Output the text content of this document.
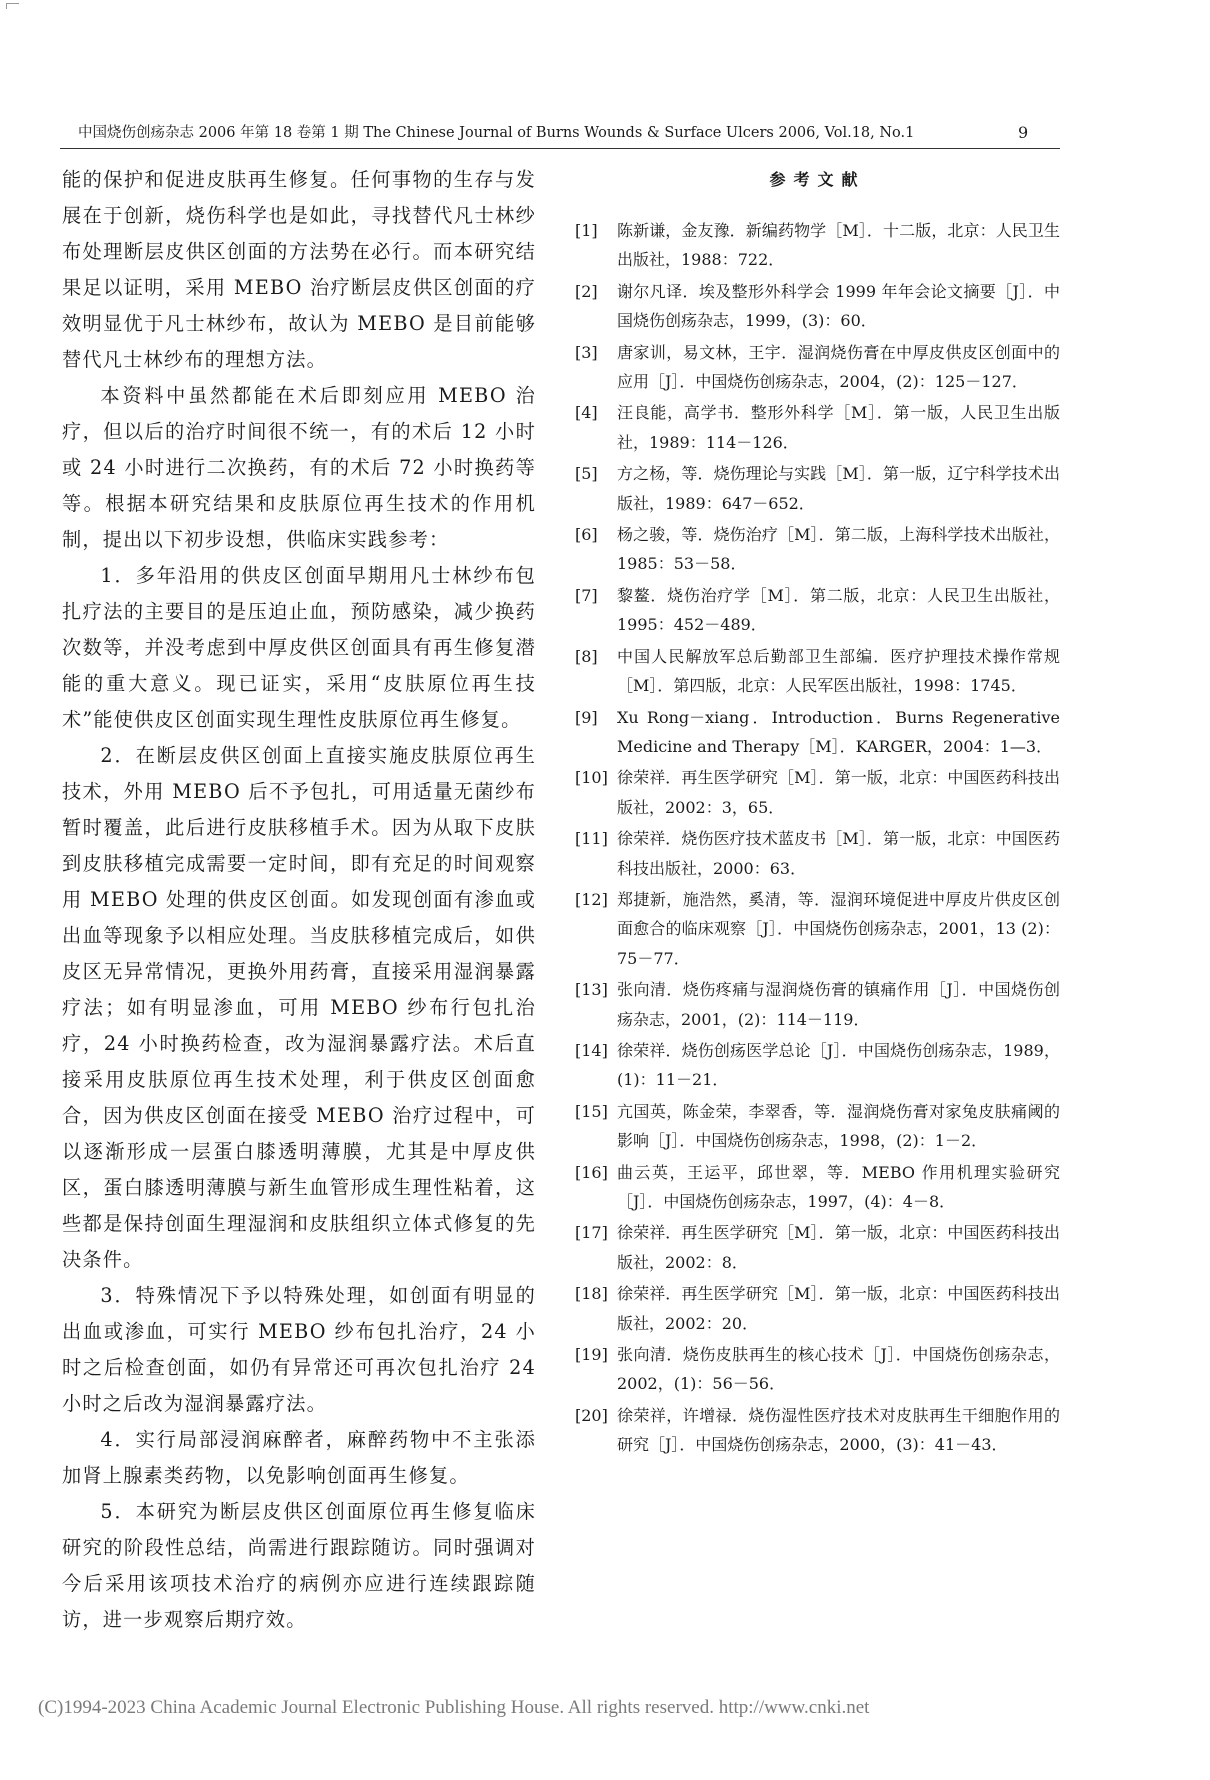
中国烧伤创疡杂志 2006 年第 18 卷第 1 期 The Chinese Journal of Burns Wounds & Surface Ulcers 2006, Vol.18, No.1	9

能的保护和促进皮肤再生修复。任何事物的生存与发展在于创新，烧伤科学也是如此，寻找替代凡士林纱布处理断层皮供区创面的方法势在必行。而本研究结果足以证明，采用 MEBO 治疗断层皮供区创面的疗效明显优于凡士林纱布，故认为 MEBO 是目前能够替代凡士林纱布的理想方法。

本资料中虽然都能在术后即刻应用 MEBO 治疗，但以后的治疗时间很不统一，有的术后 12 小时或 24 小时进行二次换药，有的术后 72 小时换药等等。根据本研究结果和皮肤原位再生技术的作用机制，提出以下初步设想，供临床实践参考：

1．多年沿用的供皮区创面早期用凡士林纱布包扎疗法的主要目的是压迫止血，预防感染，减少换药次数等，并没考虑到中厚皮供区创面具有再生修复潜能的重大意义。现已证实，采用“皮肤原位再生技术”能使供皮区创面实现生理性皮肤原位再生修复。

2．在断层皮供区创面上直接实施皮肤原位再生技术，外用 MEBO 后不予包扎，可用适量无菌纱布暂时覆盖，此后进行皮肤移植手术。因为从取下皮肤到皮肤移植完成需要一定时间，即有充足的时间观察用 MEBO 处理的供皮区创面。如发现创面有渗血或出血等现象予以相应处理。当皮肤移植完成后，如供皮区无异常情况，更换外用药膏，直接采用湿润暴露疗法；如有明显渗血，可用 MEBO 纱布行包扎治疗，24 小时换药检查，改为湿润暴露疗法。术后直接采用皮肤原位再生技术处理，利于供皮区创面愈合，因为供皮区创面在接受 MEBO 治疗过程中，可以逐渐形成一层蛋白膝透明薄膜，尤其是中厚皮供区，蛋白膝透明薄膜与新生血管形成生理性粘着，这些都是保持创面生理湿润和皮肤组织立体式修复的先决条件。

3．特殊情况下予以特殊处理，如创面有明显的出血或渗血，可实行 MEBO 纱布包扎治疗，24 小时之后检查创面，如仍有异常还可再次包扎治疗 24 小时之后改为湿润暴露疗法。

4．实行局部浸润麻醉者，麻醉药物中不主张添加肾上腺素类药物，以免影响创面再生修复。

5．本研究为断层皮供区创面原位再生修复临床研究的阶段性总结，尚需进行跟踪随访。同时强调对今后采用该项技术治疗的病例亦应进行连续跟踪随访，进一步观察后期疗效。

参考文献
[1]	陈新谦，金友豫．新编药物学［M］．十二版，北京：人民卫生出版社，1988：722．
[2]	谢尔凡译．埃及整形外科学会 1999 年年会论文摘要［J］．中国烧伤创疡杂志，1999，(3)：60．
[3]	唐家训，易文林，王宇．湿润烧伤膏在中厚皮供皮区创面中的应用［J］．中国烧伤创疡杂志，2004，(2)：125－127．
[4]	汪良能，高学书．整形外科学［M］．第一版，人民卫生出版社，1989：114－126．
[5]	方之杨，等．烧伤理论与实践［M］．第一版，辽宁科学技术出版社，1989：647－652．
[6]	杨之骏，等．烧伤治疗［M］．第二版，上海科学技术出版社，1985：53－58．
[7]	黎鳌．烧伤治疗学［M］．第二版，北京：人民卫生出版社，1995：452－489．
[8]	中国人民解放军总后勤部卫生部编．医疗护理技术操作常规［M］．第四版，北京：人民军医出版社，1998：1745．
[9]	Xu Rong－xiang．Introduction．Burns Regenerative Medicine and Therapy［M］．KARGER，2004：1—3．
[10] 徐荣祥．再生医学研究［M］．第一版，北京：中国医药科技出版社，2002：3，65．
[11] 徐荣祥．烧伤医疗技术蓝皮书［M］．第一版，北京：中国医药科技出版社，2000：63．
[12] 郑捷新，施浩然，奚清，等．湿润环境促进中厚皮片供皮区创面愈合的临床观察［J］．中国烧伤创疡杂志，2001，13 (2)：75－77．
[13] 张向清．烧伤疼痛与湿润烧伤膏的镇痛作用［J］．中国烧伤创疡杂志，2001，(2)：114－119．
[14] 徐荣祥．烧伤创疡医学总论［J］．中国烧伤创疡杂志，1989，(1)：11－21．
[15] 亢国英，陈金荣，李翠香，等．湿润烧伤膏对家兔皮肤痛阈的影响［J］．中国烧伤创疡杂志，1998，(2)：1－2．
[16] 曲云英，王运平，邱世翠，等．MEBO 作用机理实验研究［J］．中国烧伤创疡杂志，1997，(4)：4－8．
[17] 徐荣祥．再生医学研究［M］．第一版，北京：中国医药科技出版社，2002：8．
[18] 徐荣祥．再生医学研究［M］．第一版，北京：中国医药科技出版社，2002：20．
[19] 张向清．烧伤皮肤再生的核心技术［J］．中国烧伤创疡杂志，2002，(1)：56－56．
[20] 徐荣祥，许增禄．烧伤湿性医疗技术对皮肤再生干细胞作用的研究［J］．中国烧伤创疡杂志，2000，(3)：41－43．
(C)1994-2023 China Academic Journal Electronic Publishing House. All rights reserved. http://www.cnki.net
